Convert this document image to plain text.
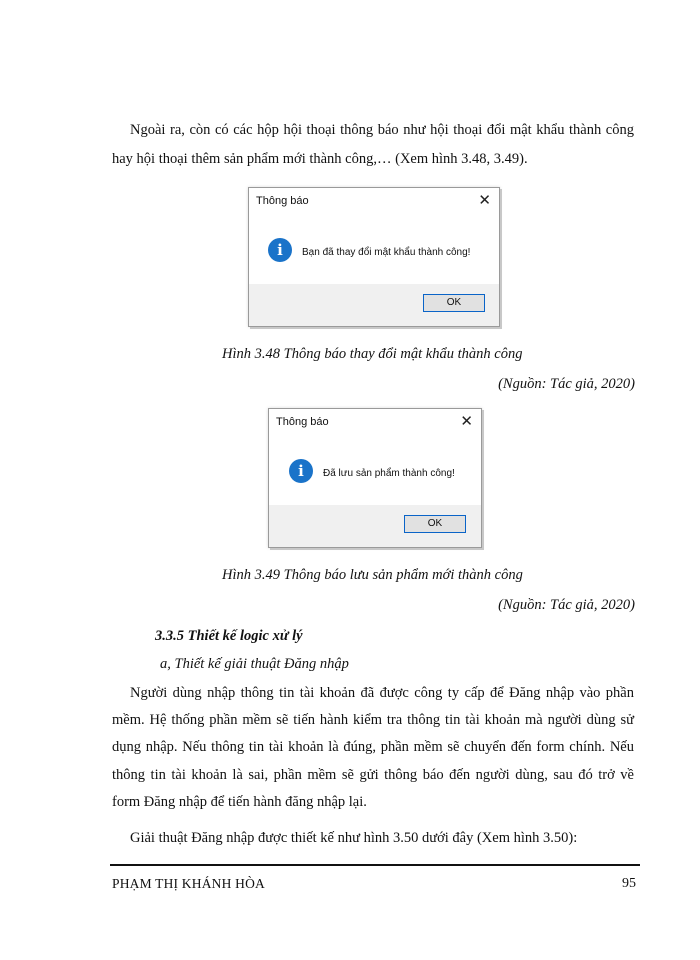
Ngoài ra, còn có các hộp hội thoại thông báo như hội thoại đổi mật khẩu thành công
hay hội thoại thêm sản phẩm mới thành công,… (Xem hình 3.48, 3.49).
Thông báo	✕
i	Bạn đã thay đổi mật khẩu thành công!
OK
Hình 3.48 Thông báo thay đổi mật khẩu thành công
(Nguồn: Tác giả, 2020)
Thông báo	✕
i	Đã lưu sản phẩm thành công!
OK
Hình 3.49 Thông báo lưu sản phẩm mới thành công
(Nguồn: Tác giả, 2020)
3.3.5 Thiết kế logic xử lý
a, Thiết kế giải thuật Đăng nhập
Người dùng nhập thông tin tài khoản đã được công ty cấp để Đăng nhập vào phần
mềm. Hệ thống phần mềm sẽ tiến hành kiểm tra thông tin tài khoản mà người dùng sử
dụng nhập. Nếu thông tin tài khoản là đúng, phần mềm sẽ chuyển đến form chính. Nếu
thông tin tài khoản là sai, phần mềm sẽ gửi thông báo đến người dùng, sau đó trở về
form Đăng nhập để tiến hành đăng nhập lại.
Giải thuật Đăng nhập được thiết kế như hình 3.50 dưới đây (Xem hình 3.50):
PHẠM THỊ KHÁNH HÒA	95
